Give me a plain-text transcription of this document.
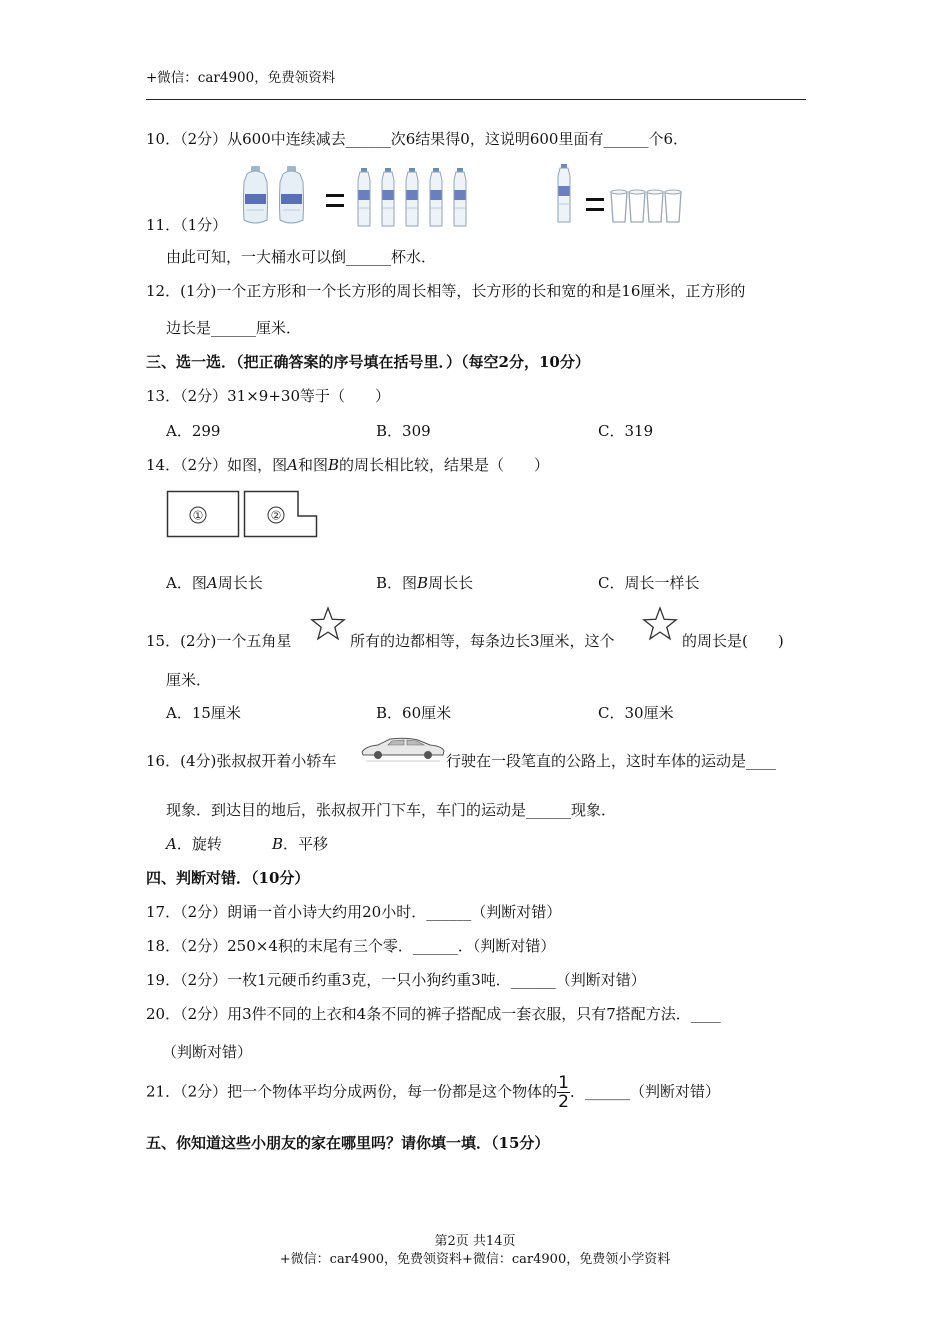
+微信：car4900，免费领资料
10．（2分）从600中连续减去______次6结果得0，这说明600里面有______个6．
11．（1分）
由此可知，一大桶水可以倒______杯水．
12．(1分)一个正方形和一个长方形的周长相等，长方形的长和宽的和是16厘米，正方形的
边长是______厘米．
三、选一选．（把正确答案的序号填在括号里．）（每空2分，10分）
13．（2分）31×9+30等于（　　）
A．299	B．309	C．319
14．（2分）如图，图A和图B的周长相比较，结果是（　　）
①	②
A．图A周长长	B．图B周长长	C．周长一样长
15．(2分)一个五角星	所有的边都相等，每条边长3厘米，这个	的周长是(　　)
厘米．
A．15厘米	B．60厘米	C．30厘米
16．(4分)张叔叔开着小轿车	行驶在一段笔直的公路上，这时车体的运动是____
现象．到达目的地后，张叔叔开门下车，车门的运动是______现象．
A．旋转	B．平移
四、判断对错．（10分）
17．（2分）朗诵一首小诗大约用20小时．______（判断对错）
18．（2分）250×4积的末尾有三个零．______．（判断对错）
19．（2分）一枚1元硬币约重3克，一只小狗约重3吨．______（判断对错）
20．（2分）用3件不同的上衣和4条不同的裤子搭配成一套衣服，只有7搭配方法．____
（判断对错）
21．（2分）把一个物体平均分成两份，每一份都是这个物体的 $\frac{1}{2}$ ．______（判断对错）
五、你知道这些小朋友的家在哪里吗？请你填一填．（15分）
第2页 共14页
+微信：car4900，免费领资料+微信：car4900，免费领小学资料
